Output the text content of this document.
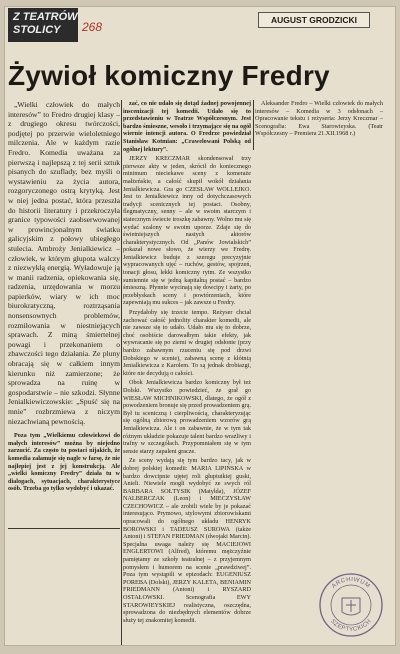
Z TEATRÓW
STOLICY	268	AUGUST GRODZICKI
Żywioł komiczny Fredry

„Wielki człowiek do małych interesów” to Fredro drugiej klasy – z drugiego okresu twórczości, podjętej po przerwie wieloletniego milczenia. Ale w każdym razie Fredro. Komedia uważana za pierwszą i najlepszą z tej serii sztuk pisanych do szuflady, bez myśli o wystawieniu za życia autora, rozgoryczonego ostrą krytyką. Jest w niej jedna postać, która przeszła do historii literatury i przekroczyła granice typowości zaobserwowanej w prowincjonalnym światku galicyjskim z połowy ubiegłego stulecia. Ambroży Jenialkiewicz – człowiek, w którym głupota walczy z niezwykłą energią. Wyładowuje ją w manii radzenia, opiekowania się, radzenia, urzędowania w morzu papierków, wiary w ich moc biurokratyczną, roztrząsania nonsensownych problemów, rozmiłowania w niestniejących sprawach. Z miną śmiertelnej powagi i przekonaniem o zbawczości tego działania. Ze pluny obracają się w całkiem innym kierunku niż zamierzone; że sprowadza na ruinę w gospodarstwie – nie szkodzi. Słynne Jenialkiewiczowskie: „Spuść się na mnie” rozbrzmiewa z niczym niezachwianą pewnością.

Poza tym „Wielkiemu człowiekowi do małych interesów” można by niejedno zarzucić. Za często tu postaci nijakich, że komedia załamuje się nagle w farsę, że nie najlepiej jest z jej konstrukcją. Ale „wielki komiczny Fredry” działa tu w dialogach, sytuacjach, charakterystyce osób. Trzeba go tylko wydobyć i ukazać.

zać, co nie udało się dotąd żadnej powojennej inscenizacji tej komedii. Udało się to przedstawieniu w Teatrze Współczesnym. Jest bardzo śmieszne, wesoło i trzymające się na ogół wiernie intencji autora. O Fredrze powiedział Stanisław Kotmian: „Crawelowani Polską od ogólnej lektury”.

JERZY KRECZMAR skondensował trzy pierwsze akty w jeden, skrócił do koniecznego minimum nieciekawe sceny z komeraże małżeńskie, a całość skupił wokół działania Jenialkiewicza. Gra go CZESŁAW WOLLEJKO. Jest to Jenialkiewicz inny od dotychczasowych tradycji scenicznych tej postaci. Osobny, flegmatyczny, senny – ale w swoim starczym i statecznym świecie troszkę zabawny. Wolno mu się wydać szalony w swoim uporze. Zdaje się do świetniejszych nastych aktorów charakterystycznych. Od „Panów Jowialskich” pokazał nowe słowo, że wierzy we Fredrę. Jenialkiewicz buduje z szeregu precyzyjnie wypracowanych ujęć – ruchów, gestów, spojrzeń, tonacji głosu, lekki komiczny rytm. Ze wszystko sumiennie się w jedną kapitalną postać – bardzo śmieszną. Płynnie wycinają się dowcipy i żarty, po przebłyskach sceny i powtórzeniach, które zapewniają mu sukces – jak zawsze u Fredry.

Przydałoby się trzecie tempo. Reżyser chciał zachować całość jednolity charakter komedii, ale nie zawsze się to udało. Udało mu się to dobrze, choć osobiście darowałbym takie efekty, jak wywracanie się po ziemi w drugiej odsłonie (przy bardzo zabawnym rzuceniu się pod drzwi Dobskiego w scenie), zabawną scenę z kłótnią Jenialkiewicza z Karolem. To są jednak drobiazgi, które nie decydują o całości.

Obok Jenialkiewicza bardzo komiczny był też Dolski. Wszystko powiedzieć, że grał go WIESŁAW MICHNIKOWSKI, dlatego, że ogół z powodzeniem bronuje się przed prowadzeniem grą. Był tu sceniczną i cierpliwością, charakteryzując się ogólną zbiorową prowadzeniem wzorów grą Jenialkiewicza. Ale i on zabawnie, że w tym tak różnym układzie pokazuje talent bardzo wrażliwy i trafny w szczegółach. Przypomniałem się w tym sensie starzy zapaleni gracze.

Ze sceny wydają się tym bardzo tacy, jak w dobrej polskiej komedii: MARIA LIPIŃSKA w bardzo dowcipnie ujętej roli głupiutkiej guski, Anieli. Niewiele mogli wydobyć ze swych ról BARBARA SOŁTYSIK (Matylda), JÓZEF NALBERCZAK (Leon) i MIECZYSŁAW CZECHOWICZ – ale zrobili wiele by je pokazać interesująco. Prymowo, stylowymi zbiorowiskami opracowali do ogólnego układu HENRYK BOROWSKI i TADEUSZ SUROWA (także Antoni) i STEFAN FRIEDMAN (dwojaki Marcin). Specjalna uwaga należy się MACIEJOWI ENGLERTOWI (Alfred), któremu mężczyźnie pamiętamy ze szkoły teatralnej – z przyjemnym pomysłem i humorem na scenie „prawdziwej”. Poza tym wystąpili w epizodach: EUGENIUSZ POREBA (Dolski), JERZY KALETA, BENIAMIN FRIEDMANN (Antoni) i RYSZARD OSTAŁOWSKI. Scenografia EWY STAROWIEYSKIEJ realistyczna, oszczędna, sprowadzona do niezbędnych elementów dobrze służy tej znakomitej komedii.

Aleksander Fredro – Wielki człowiek do małych interesów – Komedia w 3 odsłonach – Opracowanie tekstu i reżyseria: Jerzy Kreczmar – Scenografia: Ewa Starowieyska. (Teatr Współczesny – Premiera 21.XII.1968 r.)

ARCHIWUM
SZEPTYCKICH
